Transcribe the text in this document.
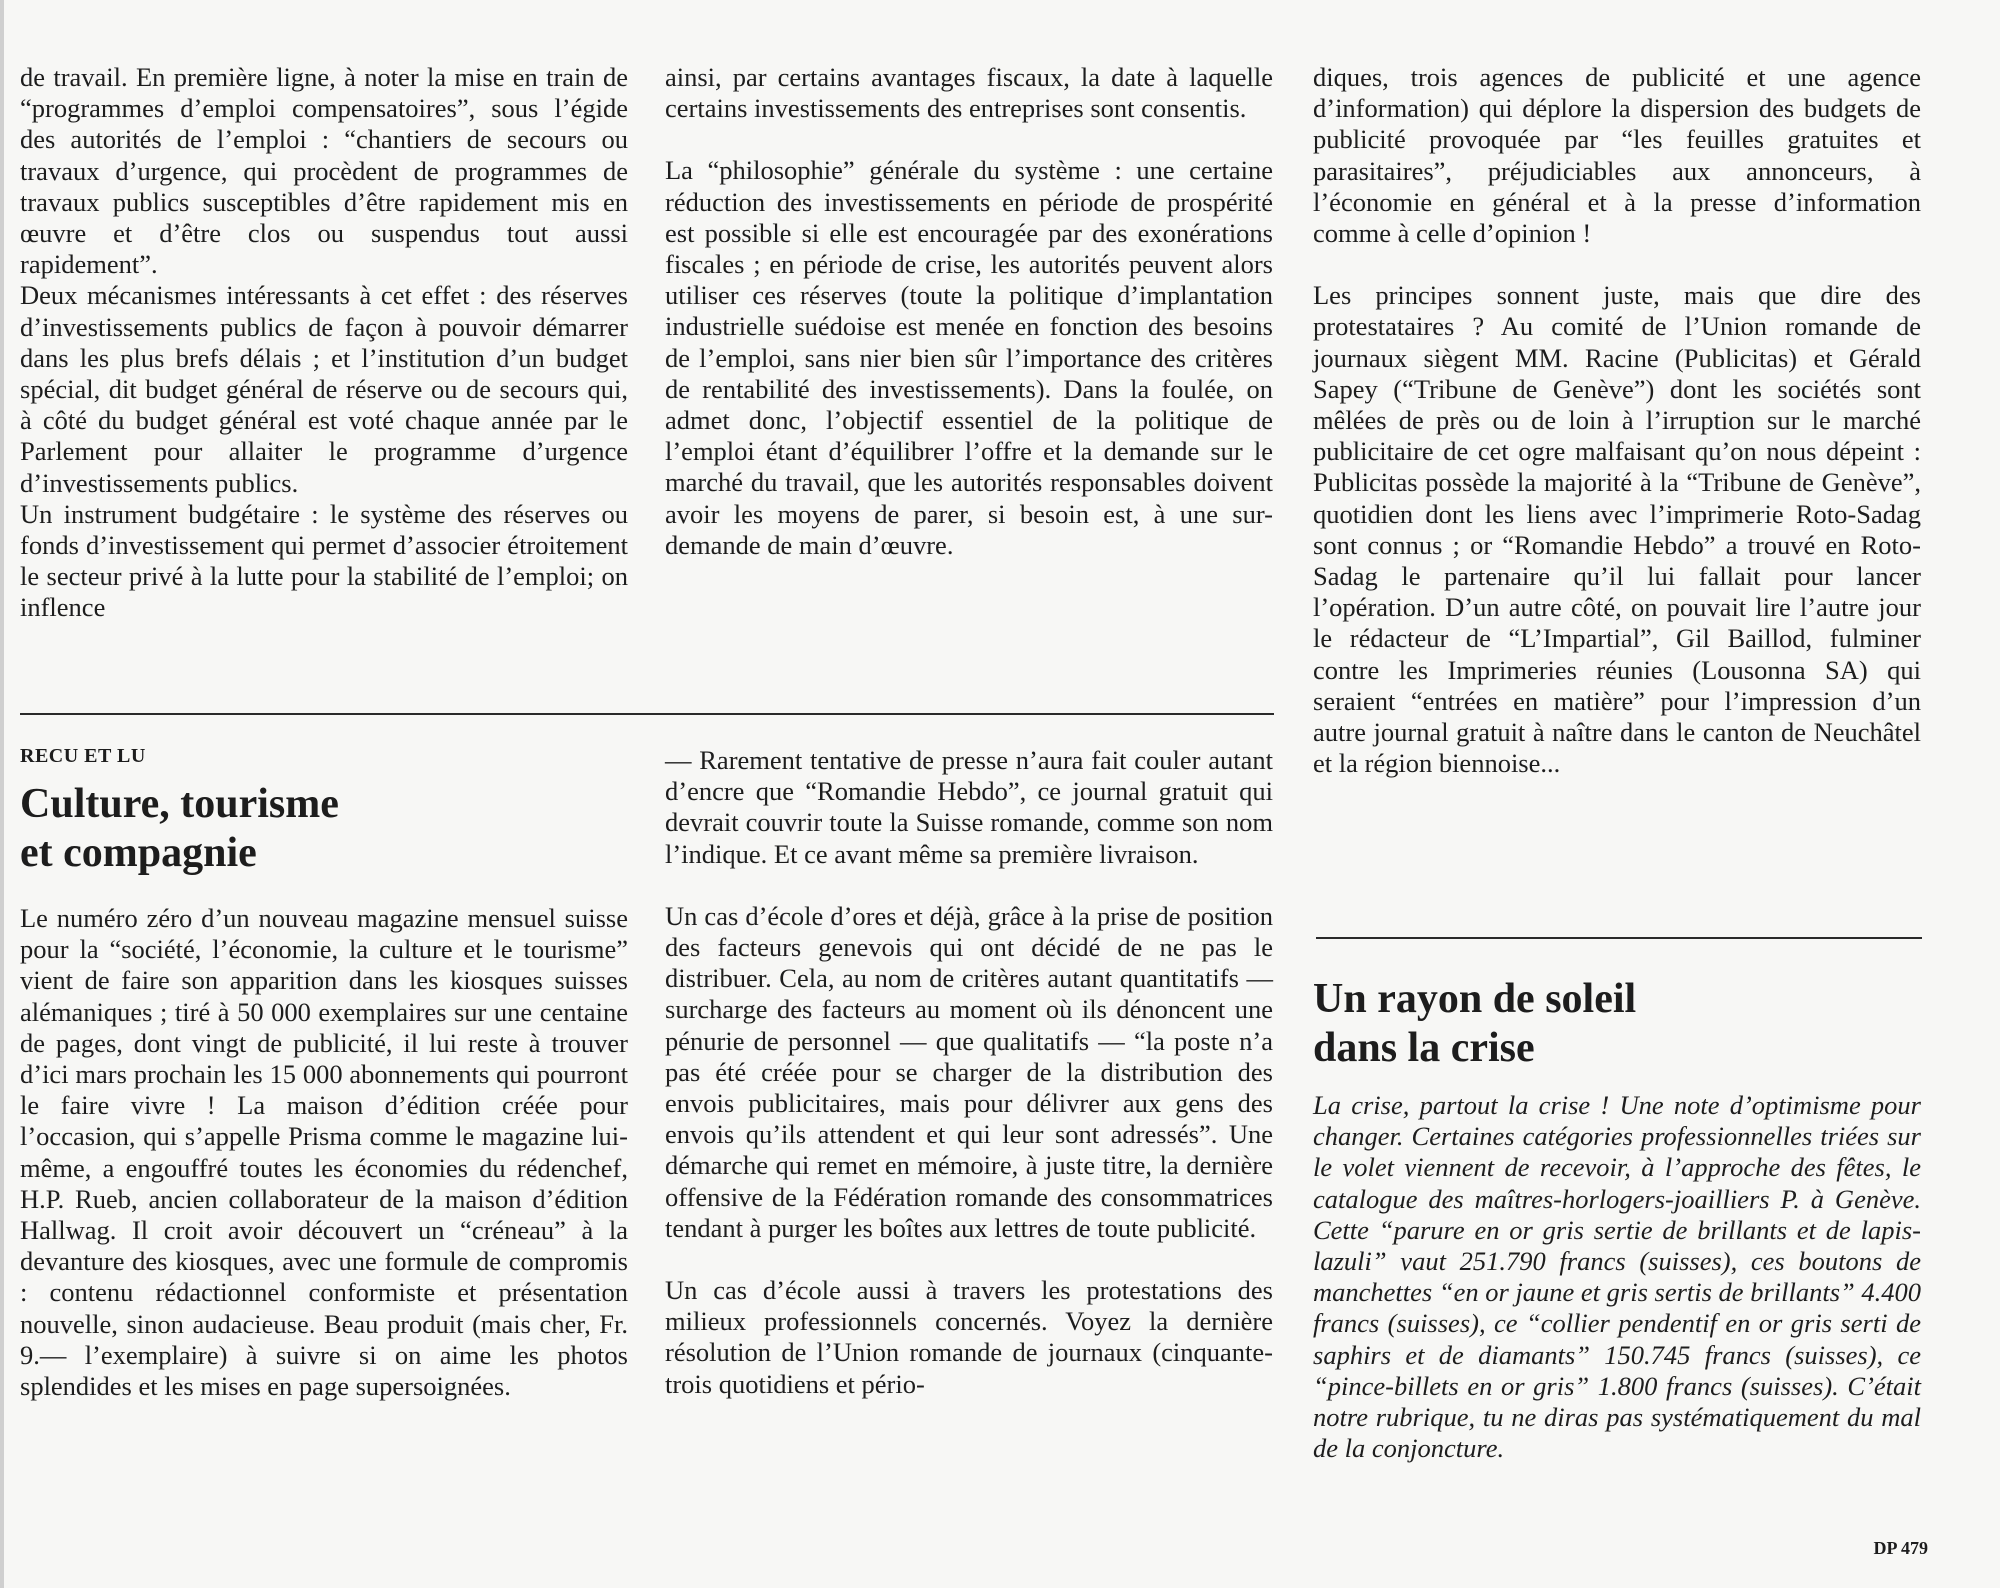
de travail. En première ligne, à noter la mise en train de “programmes d’emploi compensatoires”, sous l’égide des autorités de l’emploi : “chantiers de secours ou travaux d’urgence, qui procèdent de programmes de travaux publics susceptibles d’être rapidement mis en œuvre et d’être clos ou suspendus tout aussi rapidement”.

Deux mécanismes intéressants à cet effet : des réserves d’investissements publics de façon à pouvoir démarrer dans les plus brefs délais ; et l’institution d’un budget spécial, dit budget général de réserve ou de secours qui, à côté du budget général est voté chaque année par le Parlement pour allaiter le programme d’urgence d’investissements publics.

Un instrument budgétaire : le système des réserves ou fonds d’investissement qui permet d’associer étroitement le secteur privé à la lutte pour la stabilité de l’emploi; on inflence

ainsi, par certains avantages fiscaux, la date à laquelle certains investissements des entreprises sont consentis.

La “philosophie” générale du système : une certaine réduction des investissements en période de prospérité est possible si elle est encouragée par des exonérations fiscales ; en période de crise, les autorités peuvent alors utiliser ces réserves (toute la politique d’implantation industrielle suédoise est menée en fonction des besoins de l’emploi, sans nier bien sûr l’importance des critères de rentabilité des investissements). Dans la foulée, on admet donc, l’objectif essentiel de la politique de l’emploi étant d’équilibrer l’offre et la demande sur le marché du travail, que les autorités responsables doivent avoir les moyens de parer, si besoin est, à une sur-demande de main d’œuvre.

RECU ET LU
Culture, tourisme
et compagnie

Le numéro zéro d’un nouveau magazine mensuel suisse pour la “société, l’économie, la culture et le tourisme” vient de faire son apparition dans les kiosques suisses alémaniques ; tiré à 50 000 exemplaires sur une centaine de pages, dont vingt de publicité, il lui reste à trouver d’ici mars prochain les 15 000 abonnements qui pourront le faire vivre ! La maison d’édition créée pour l’occasion, qui s’appelle Prisma comme le magazine lui-même, a engouffré toutes les économies du rédenchef, H.P. Rueb, ancien collaborateur de la maison d’édition Hallwag. Il croit avoir découvert un “créneau” à la devanture des kiosques, avec une formule de compromis : contenu rédactionnel conformiste et présentation nouvelle, sinon audacieuse. Beau produit (mais cher, Fr. 9.— l’exemplaire) à suivre si on aime les photos splendides et les mises en page supersoignées.

— Rarement tentative de presse n’aura fait couler autant d’encre que “Romandie Hebdo”, ce journal gratuit qui devrait couvrir toute la Suisse romande, comme son nom l’indique. Et ce avant même sa première livraison.

Un cas d’école d’ores et déjà, grâce à la prise de position des facteurs genevois qui ont décidé de ne pas le distribuer. Cela, au nom de critères autant quantitatifs — surcharge des facteurs au moment où ils dénoncent une pénurie de personnel — que qualitatifs — “la poste n’a pas été créée pour se charger de la distribution des envois publicitaires, mais pour délivrer aux gens des envois qu’ils attendent et qui leur sont adressés”. Une démarche qui remet en mémoire, à juste titre, la dernière offensive de la Fédération romande des consommatrices tendant à purger les boîtes aux lettres de toute publicité.

Un cas d’école aussi à travers les protestations des milieux professionnels concernés. Voyez la dernière résolution de l’Union romande de journaux (cinquante-trois quotidiens et pério-

diques, trois agences de publicité et une agence d’information) qui déplore la dispersion des budgets de publicité provoquée par “les feuilles gratuites et parasitaires”, préjudiciables aux annonceurs, à l’économie en général et à la presse d’information comme à celle d’opinion !

Les principes sonnent juste, mais que dire des protestataires ? Au comité de l’Union romande de journaux siègent MM. Racine (Publicitas) et Gérald Sapey (“Tribune de Genève”) dont les sociétés sont mêlées de près ou de loin à l’irruption sur le marché publicitaire de cet ogre malfaisant qu’on nous dépeint : Publicitas possède la majorité à la “Tribune de Genève”, quotidien dont les liens avec l’imprimerie Roto-Sadag sont connus ; or “Romandie Hebdo” a trouvé en Roto-Sadag le partenaire qu’il lui fallait pour lancer l’opération. D’un autre côté, on pouvait lire l’autre jour le rédacteur de “L’Impartial”, Gil Baillod, fulminer contre les Imprimeries réunies (Lousonna SA) qui seraient “entrées en matière” pour l’impression d’un autre journal gratuit à naître dans le canton de Neuchâtel et la région biennoise...

Un rayon de soleil
dans la crise

La crise, partout la crise ! Une note d’optimisme pour changer. Certaines catégories professionnelles triées sur le volet viennent de recevoir, à l’approche des fêtes, le catalogue des maîtres-horlogers-joailliers P. à Genève. Cette “parure en or gris sertie de brillants et de lapis-lazuli” vaut 251.790 francs (suisses), ces boutons de manchettes “en or jaune et gris sertis de brillants” 4.400 francs (suisses), ce “collier pendentif en or gris serti de saphirs et de diamants” 150.745 francs (suisses), ce “pince-billets en or gris” 1.800 francs (suisses). C’était notre rubrique, tu ne diras pas systématiquement du mal de la conjoncture.

DP 479
